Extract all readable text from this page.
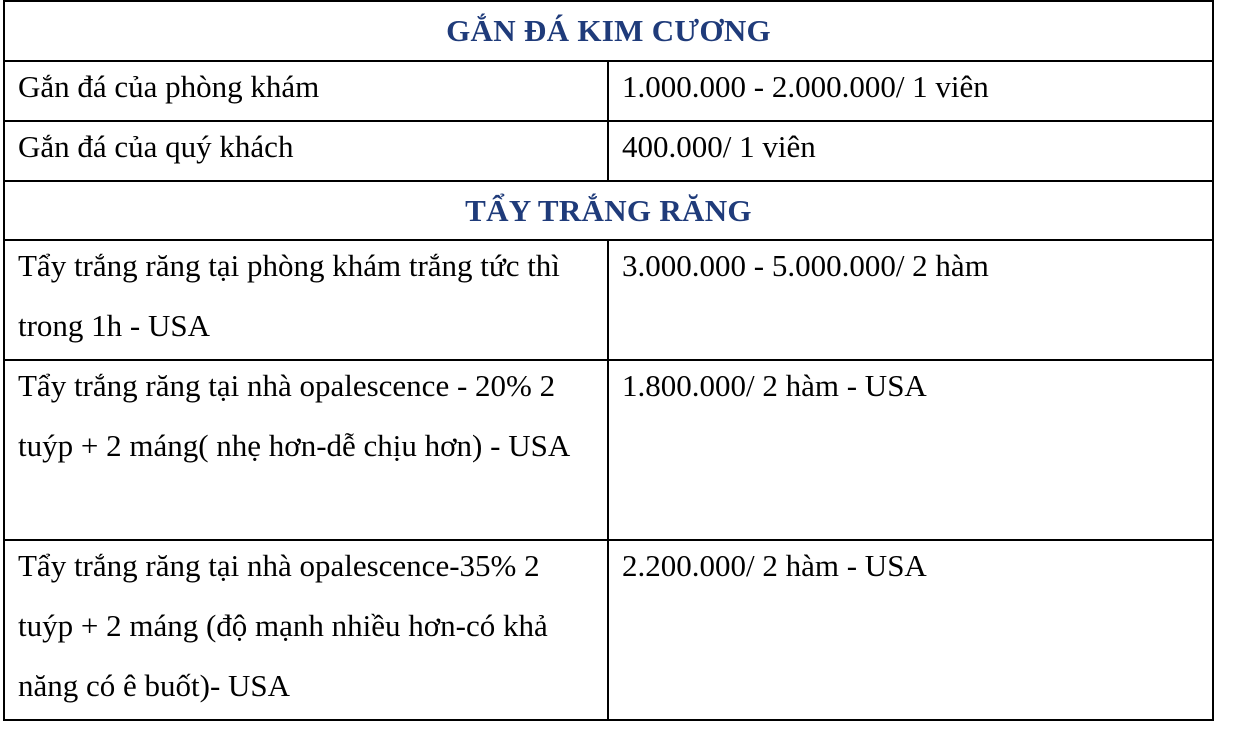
GẮN ĐÁ KIM CƯƠNG	

Gắn đá của phòng khám	1.000.000 - 2.000.000/ 1 viên

Gắn đá của quý khách	400.000/ 1 viên

TẨY TRẮNG RĂNG	

Tẩy trắng răng tại phòng khám trắng tức thì trong 1h - USA	3.000.000 - 5.000.000/ 2 hàm

Tẩy trắng răng tại nhà opalescence - 20% 2 tuýp + 2 máng( nhẹ hơn-dễ chịu hơn) - USA	1.800.000/ 2 hàm - USA

Tẩy trắng răng tại nhà opalescence-35% 2 tuýp + 2 máng (độ mạnh nhiều hơn-có khả năng có ê buốt)- USA	2.200.000/ 2 hàm - USA
